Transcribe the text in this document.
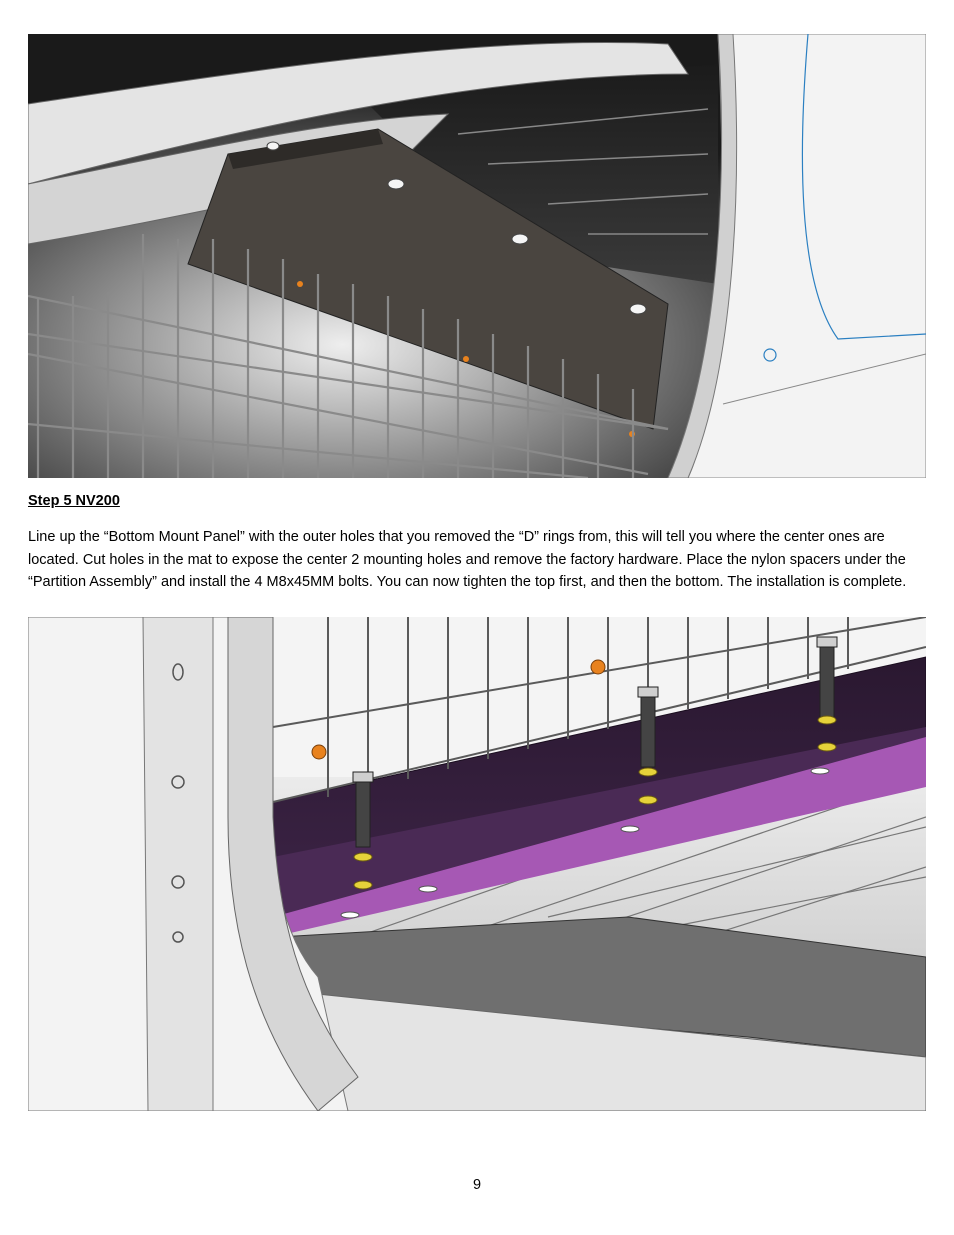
Step 5 NV200

Line up the “Bottom Mount Panel” with the outer holes that you removed the “D” rings from, this will tell you where the center ones are located. Cut holes in the mat to expose the center 2 mounting holes and remove the factory hardware. Place the nylon spacers under the “Partition Assembly” and install the 4 M8x45MM bolts. You can now tighten the top first, and then the bottom. The installation is complete.

9
